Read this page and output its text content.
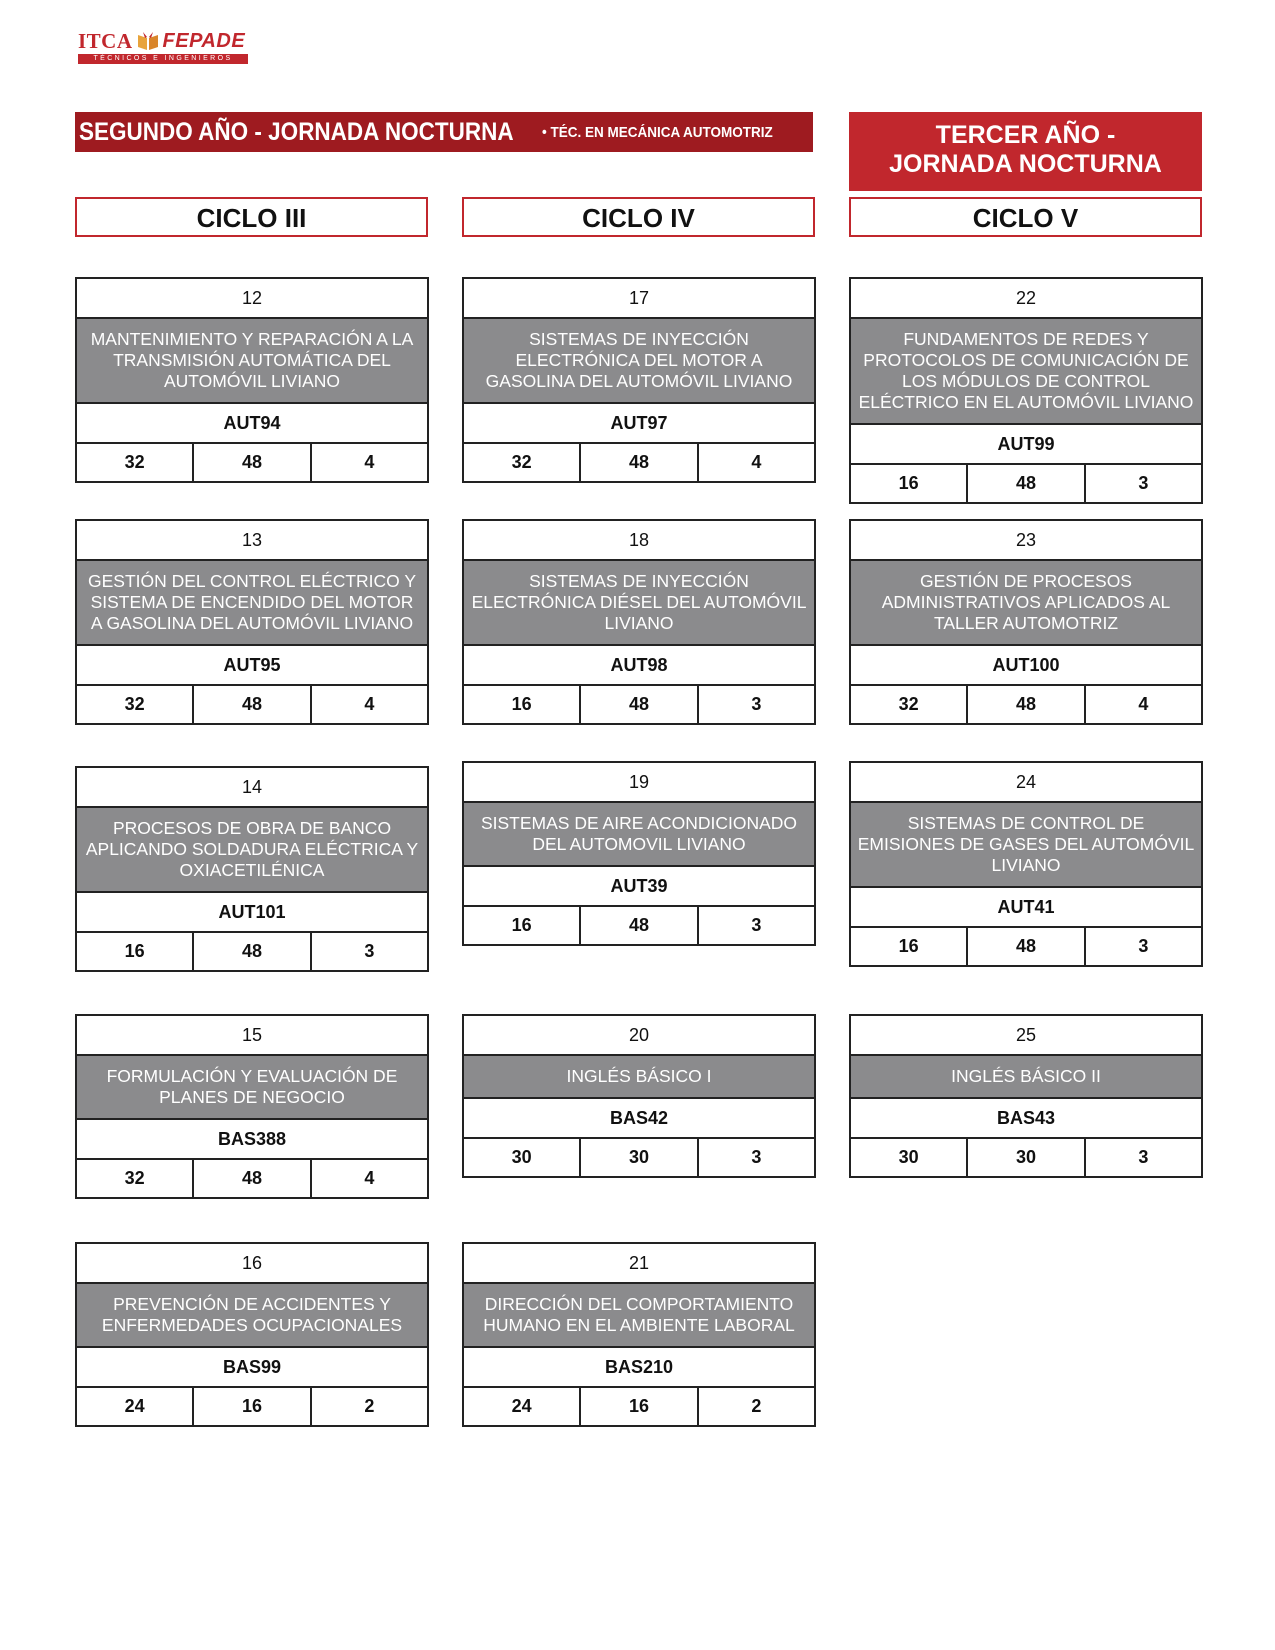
ITCA FEPADE
TÉCNICOS E INGENIEROS
SEGUNDO AÑO - JORNADA NOCTURNA • TÉC. EN MECÁNICA AUTOMOTRIZ	TERCER AÑO -
JORNADA NOCTURNA
CICLO III	CICLO IV	CICLO V
12
MANTENIMIENTO Y REPARACIÓN A LA TRANSMISIÓN AUTOMÁTICA DEL AUTOMÓVIL LIVIANO
AUT94
32	48	4
13
GESTIÓN DEL CONTROL ELÉCTRICO Y SISTEMA DE ENCENDIDO DEL MOTOR A GASOLINA DEL AUTOMÓVIL LIVIANO
AUT95
32	48	4
14
PROCESOS DE OBRA DE BANCO APLICANDO SOLDADURA ELÉCTRICA Y OXIACETILÉNICA
AUT101
16	48	3
15
FORMULACIÓN Y EVALUACIÓN DE PLANES DE NEGOCIO
BAS388
32	48	4
16
PREVENCIÓN DE ACCIDENTES Y ENFERMEDADES OCUPACIONALES
BAS99
24	16	2
17
SISTEMAS DE INYECCIÓN ELECTRÓNICA DEL MOTOR A GASOLINA DEL AUTOMÓVIL LIVIANO
AUT97
32	48	4
18
SISTEMAS DE INYECCIÓN ELECTRÓNICA DIÉSEL DEL AUTOMÓVIL LIVIANO
AUT98
16	48	3
19
SISTEMAS DE AIRE ACONDICIONADO DEL AUTOMOVIL LIVIANO
AUT39
16	48	3
20
INGLÉS BÁSICO I
BAS42
30	30	3
21
DIRECCIÓN DEL COMPORTAMIENTO HUMANO EN EL AMBIENTE LABORAL
BAS210
24	16	2
22
FUNDAMENTOS DE REDES Y PROTOCOLOS DE COMUNICACIÓN DE LOS MÓDULOS DE CONTROL ELÉCTRICO EN EL AUTOMÓVIL LIVIANO
AUT99
16	48	3
23
GESTIÓN DE PROCESOS ADMINISTRATIVOS APLICADOS AL TALLER AUTOMOTRIZ
AUT100
32	48	4
24
SISTEMAS DE CONTROL DE EMISIONES DE GASES DEL AUTOMÓVIL LIVIANO
AUT41
16	48	3
25
INGLÉS BÁSICO II
BAS43
30	30	3
